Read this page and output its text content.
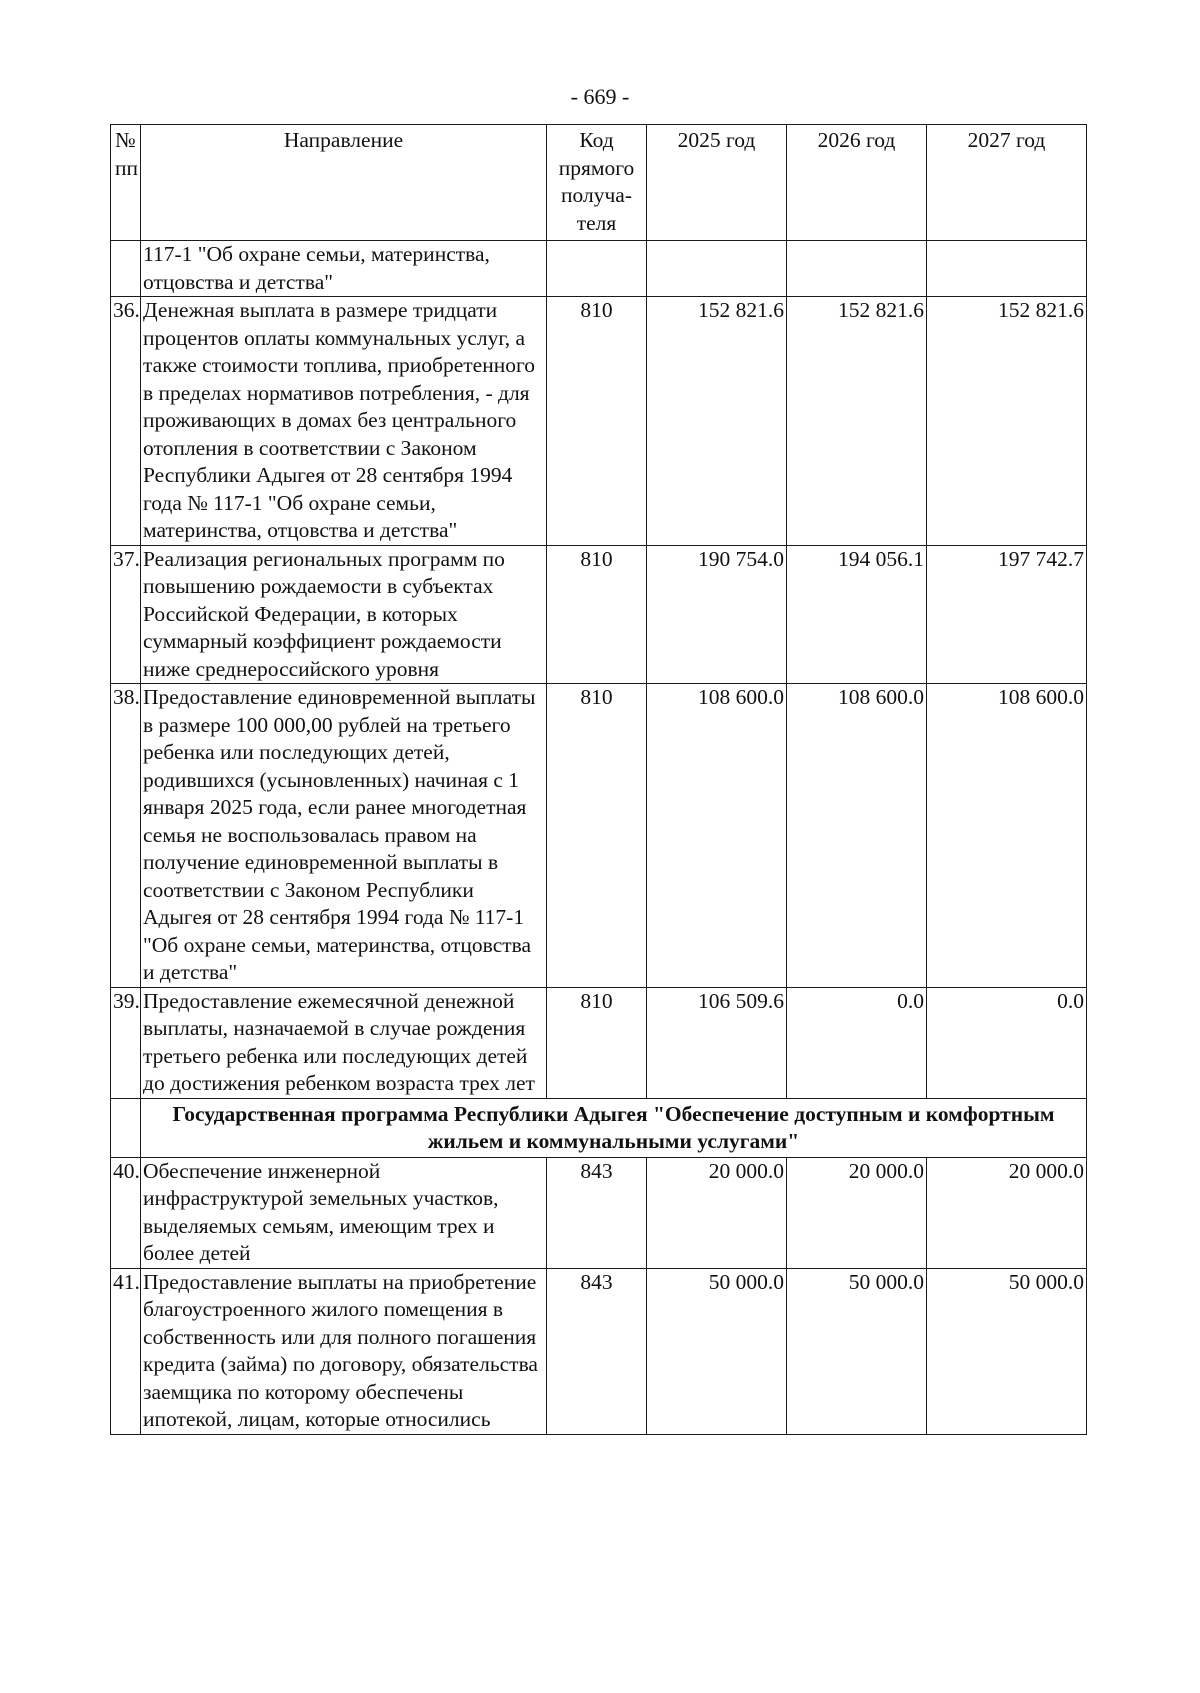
- 669 -
№ пп	Направление	Код прямого получа- теля	2025 год	2026 год	2027 год
	117-1 "Об охране семьи, материнства, отцовства и детства"				
36.	Денежная выплата в размере тридцати процентов оплаты коммунальных услуг, а также стоимости топлива, приобретенного в пределах нормативов потребления, - для проживающих в домах без центрального отопления в соответствии с Законом Республики Адыгея от 28 сентября 1994 года № 117-1 "Об охране семьи, материнства, отцовства и детства"	810	152 821.6	152 821.6	152 821.6
37.	Реализация региональных программ по повышению рождаемости в субъектах Российской Федерации, в которых суммарный коэффициент рождаемости ниже среднероссийского уровня	810	190 754.0	194 056.1	197 742.7
38.	Предоставление единовременной выплаты в размере 100 000,00 рублей на третьего ребенка или последующих детей, родившихся (усыновленных) начиная с 1 января 2025 года, если ранее многодетная семья не воспользовалась правом на получение единовременной выплаты в соответствии с Законом Республики Адыгея от 28 сентября 1994 года № 117-1 "Об охране семьи, материнства, отцовства и детства"	810	108 600.0	108 600.0	108 600.0
39.	Предоставление ежемесячной денежной выплаты, назначаемой в случае рождения третьего ребенка или последующих детей до достижения ребенком возраста трех лет	810	106 509.6	0.0	0.0
	Государственная программа Республики Адыгея "Обеспечение доступным и комфортным жильем и коммунальными услугами"				
40.	Обеспечение инженерной инфраструктурой земельных участков, выделяемых семьям, имеющим трех и более детей	843	20 000.0	20 000.0	20 000.0
41.	Предоставление выплаты на приобретение благоустроенного жилого помещения в собственность или для полного погашения кредита (займа) по договору, обязательства заемщика по которому обеспечены ипотекой, лицам, которые относились	843	50 000.0	50 000.0	50 000.0
